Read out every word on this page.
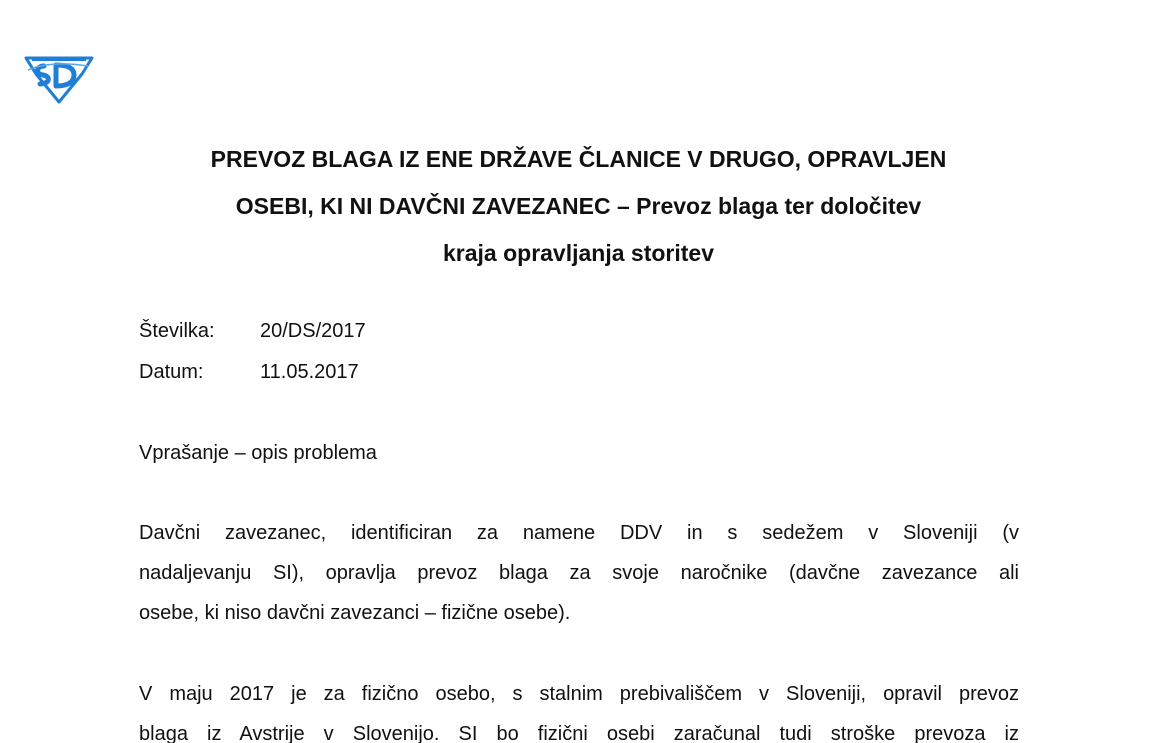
PREVOZ BLAGA IZ ENE DRŽAVE ČLANICE V DRUGO, OPRAVLJEN
OSEBI, KI NI DAVČNI ZAVEZANEC – Prevoz blaga ter določitev
kraja opravljanja storitev
Številka: 20/DS/2017
Datum:	11.05.2017
Vprašanje – opis problema
Davčni zavezanec, identificiran za namene DDV in s sedežem v Sloveniji (v
nadaljevanju SI), opravlja prevoz blaga za svoje naročnike (davčne zavezance ali
osebe, ki niso davčni zavezanci – fizične osebe).
V maju 2017 je za fizično osebo, s stalnim prebivališčem v Sloveniji, opravil prevoz
blaga iz Avstrije v Slovenijo. SI bo fizični osebi zaračunal tudi stroške prevoza iz
